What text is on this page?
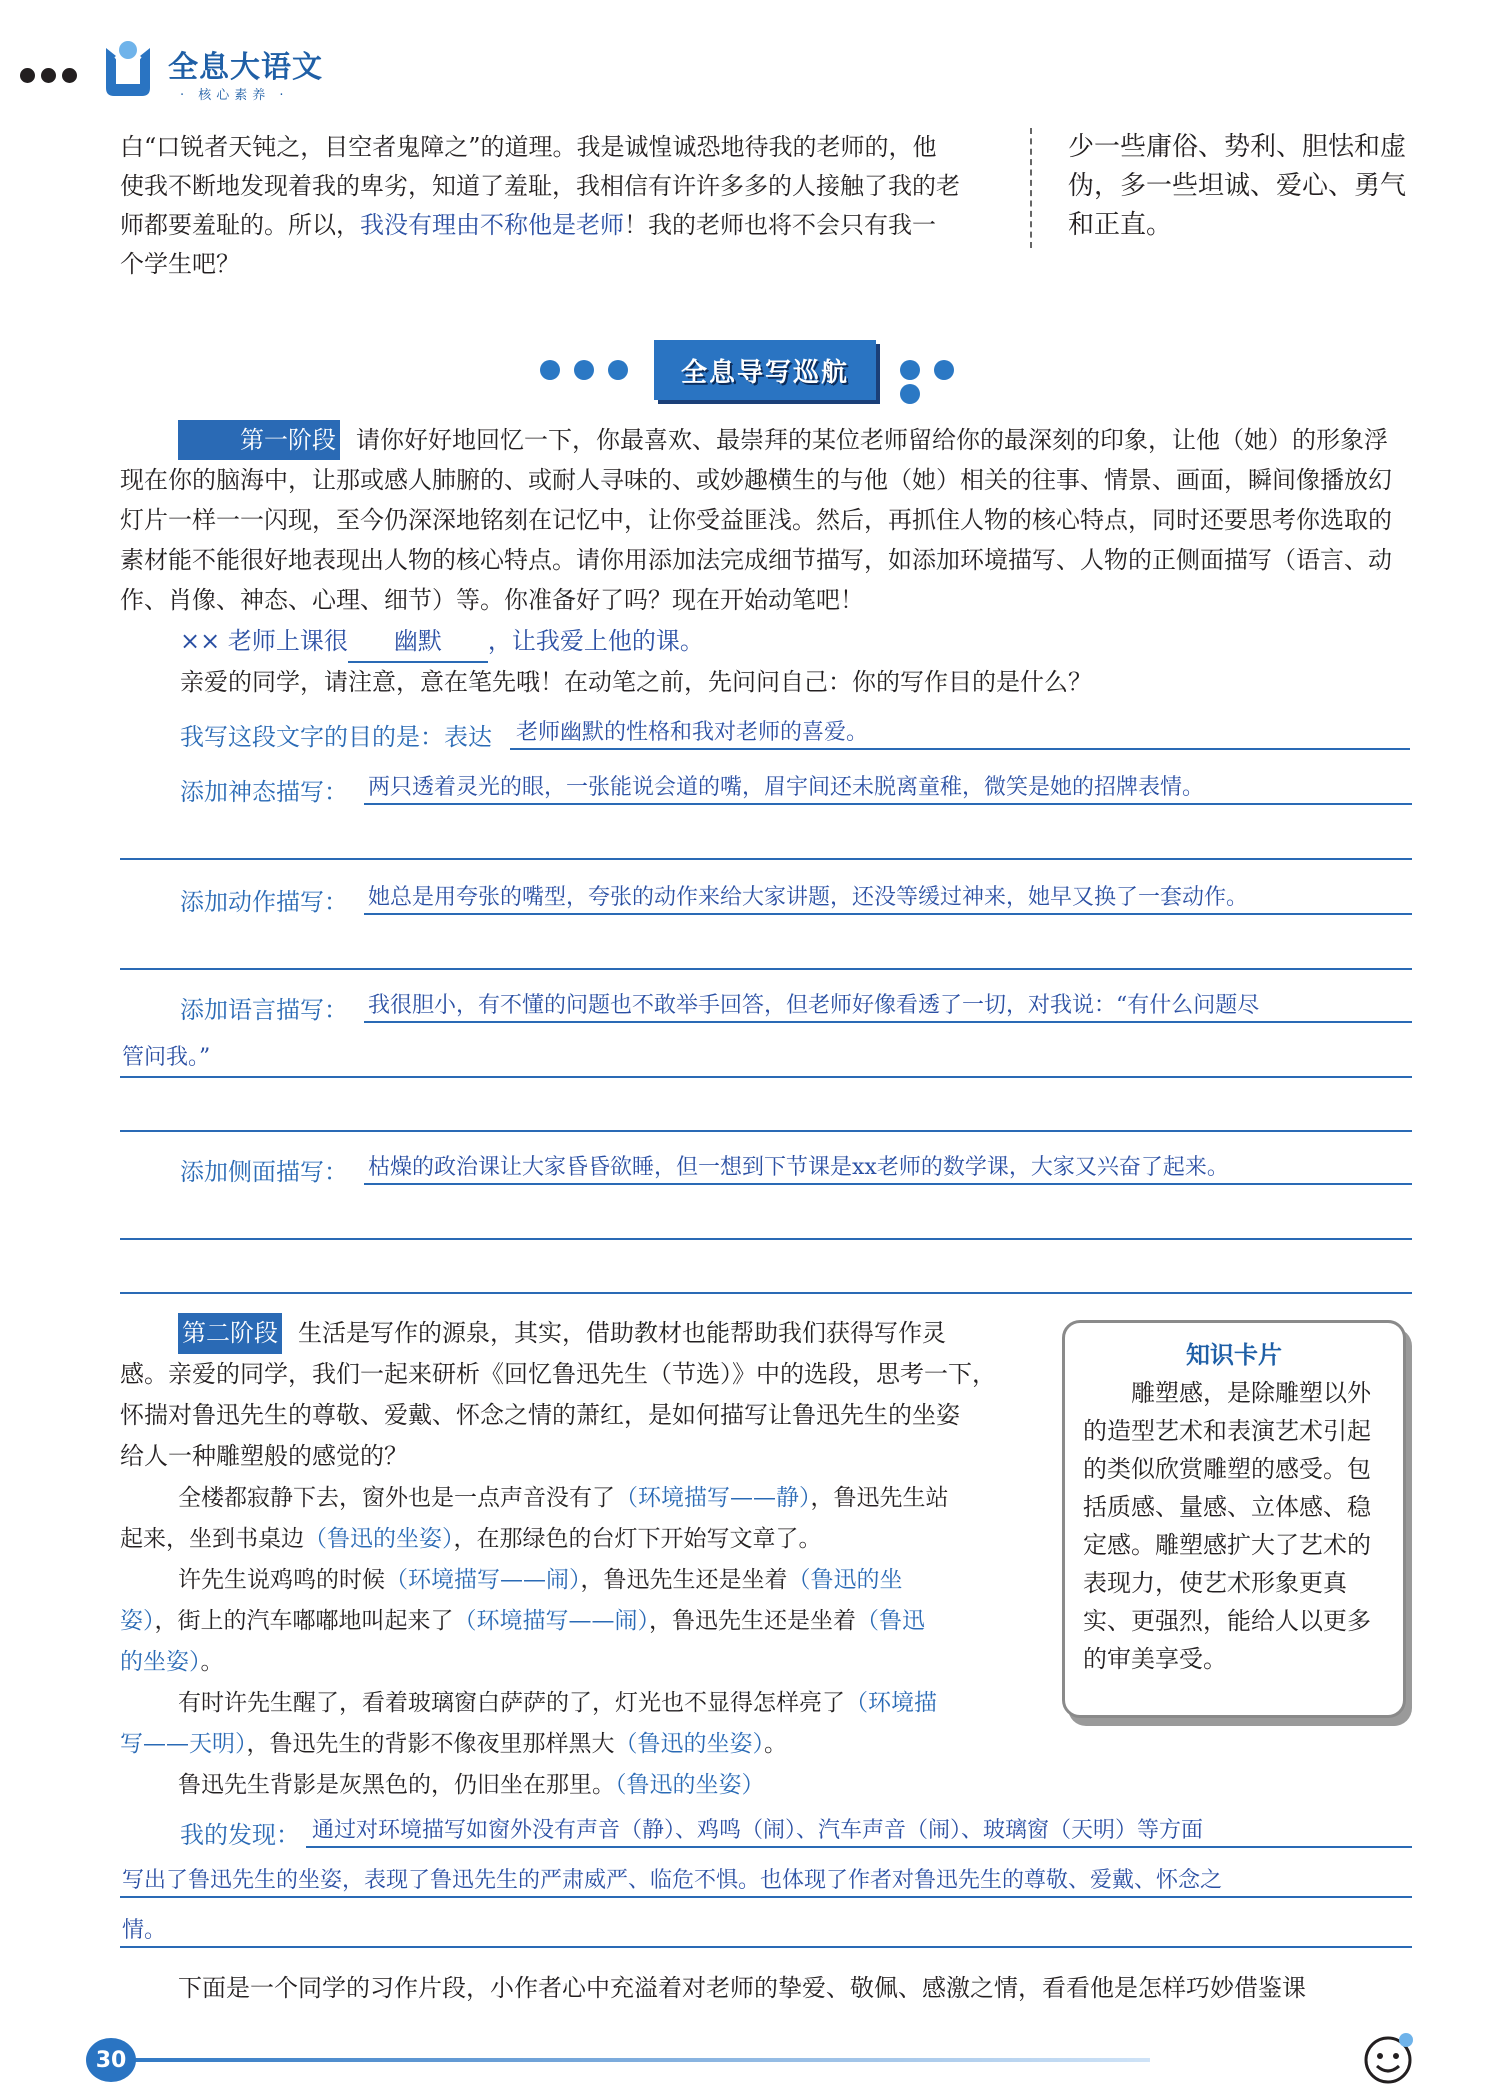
全息大语文
· 核心素养 ·
白“口锐者天钝之，目空者鬼障之”的道理。我是诚惶诚恐地待我的老师的，他
使我不断地发现着我的卑劣，知道了羞耻，我相信有许许多多的人接触了我的老
师都要羞耻的。所以，我没有理由不称他是老师！我的老师也将不会只有我一
个学生吧？
少一些庸俗、势利、胆怯和虚伪，多一些坦诚、爱心、勇气和正直。
全息导写巡航
第一阶段 请你好好地回忆一下，你最喜欢、最崇拜的某位老师留给你的最深刻的印象，让他（她）的形象浮现在你的脑海中，让那或感人肺腑的、或耐人寻味的、或妙趣横生的与他（她）相关的往事、情景、画面，瞬间像播放幻灯片一样一一闪现，至今仍深深地铭刻在记忆中，让你受益匪浅。然后，再抓住人物的核心特点，同时还要思考你选取的素材能不能很好地表现出人物的核心特点。请你用添加法完成细节描写，如添加环境描写、人物的正侧面描写（语言、动作、肖像、神态、心理、细节）等。你准备好了吗？现在开始动笔吧！
×× 老师上课很 幽默 ，让我爱上他的课。
亲爱的同学，请注意，意在笔先哦！在动笔之前，先问问自己：你的写作目的是什么？
我写这段文字的目的是：表达 老师幽默的性格和我对老师的喜爱。
添加神态描写： 两只透着灵光的眼，一张能说会道的嘴，眉宇间还未脱离童稚，微笑是她的招牌表情。
添加动作描写： 她总是用夸张的嘴型，夸张的动作来给大家讲题，还没等缓过神来，她早又换了一套动作。
添加语言描写： 我很胆小，有不懂的问题也不敢举手回答，但老师好像看透了一切，对我说：“有什么问题尽
管问我。”
添加侧面描写： 枯燥的政治课让大家昏昏欲睡，但一想到下节课是xx老师的数学课，大家又兴奋了起来。
第二阶段 生活是写作的源泉，其实，借助教材也能帮助我们获得写作灵
感。亲爱的同学，我们一起来研析《回忆鲁迅先生（节选）》中的选段，思考一下，
怀揣对鲁迅先生的尊敬、爱戴、怀念之情的萧红，是如何描写让鲁迅先生的坐姿
给人一种雕塑般的感觉的？
全楼都寂静下去，窗外也是一点声音没有了（环境描写——静），鲁迅先生站
起来，坐到书桌边（鲁迅的坐姿），在那绿色的台灯下开始写文章了。
许先生说鸡鸣的时候（环境描写——闹），鲁迅先生还是坐着（鲁迅的坐
姿），街上的汽车嘟嘟地叫起来了（环境描写——闹），鲁迅先生还是坐着（鲁迅
的坐姿）。
有时许先生醒了，看着玻璃窗白萨萨的了，灯光也不显得怎样亮了（环境描
写——天明），鲁迅先生的背影不像夜里那样黑大（鲁迅的坐姿）。
鲁迅先生背影是灰黑色的，仍旧坐在那里。（鲁迅的坐姿）
我的发现： 通过对环境描写如窗外没有声音（静）、鸡鸣（闹）、汽车声音（闹）、玻璃窗（天明）等方面
写出了鲁迅先生的坐姿，表现了鲁迅先生的严肃威严、临危不惧。也体现了作者对鲁迅先生的尊敬、爱戴、怀念之
情。
下面是一个同学的习作片段，小作者心中充溢着对老师的挚爱、敬佩、感激之情，看看他是怎样巧妙借鉴课
知识卡片
雕塑感，是除雕塑以外的造型艺术和表演艺术引起的类似欣赏雕塑的感受。包括质感、量感、立体感、稳定感。雕塑感扩大了艺术的表现力，使艺术形象更真实、更强烈，能给人以更多的审美享受。
30
